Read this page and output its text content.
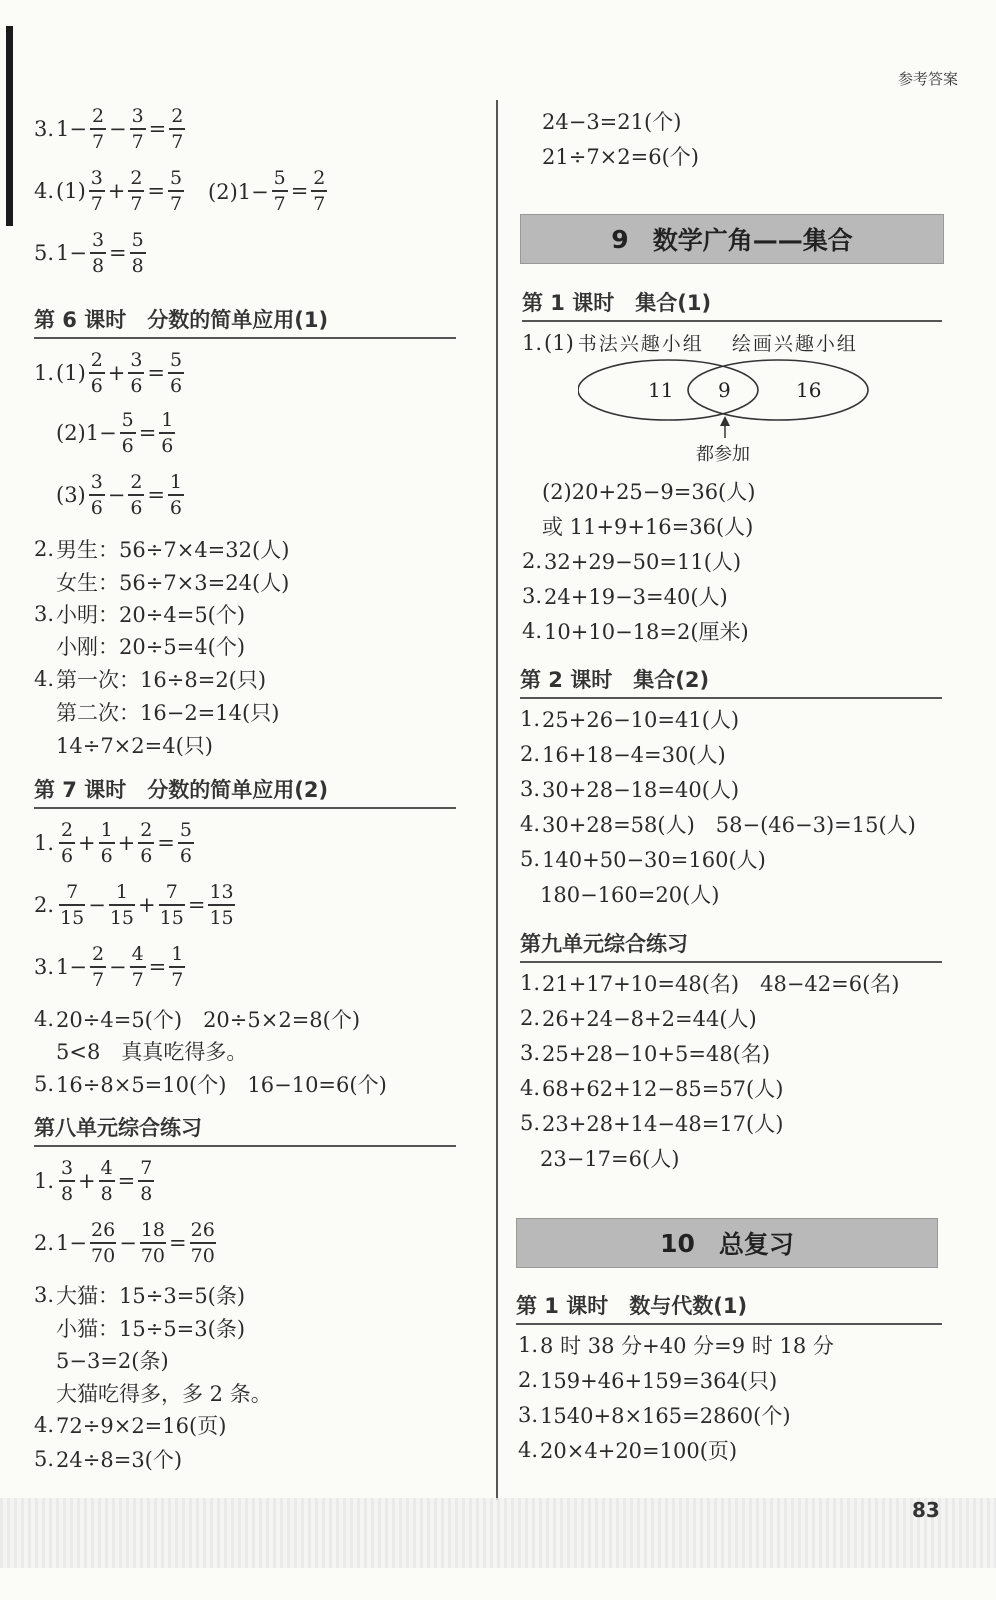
参考答案
3. $1- \frac{2}{7} - \frac{3}{7} = \frac{2}{7}$
4. $(1) \frac{3}{7} + \frac{2}{7} = \frac{5}{7}$ 　$(2)1- \frac{5}{7} = \frac{2}{7}$
5. $1- \frac{3}{8} = \frac{5}{8}$
第 6 课时　分数的简单应用(1)
1. $(1) \frac{2}{6} + \frac{3}{6} = \frac{5}{6}$
$(2)1- \frac{5}{6} = \frac{1}{6}$
$(3) \frac{3}{6} - \frac{2}{6} = \frac{1}{6}$
2. 男生：56÷7×4=32(人)
女生：56÷7×3=24(人)
3. 小明：20÷4=5(个)
小刚：20÷5=4(个)
4. 第一次：16÷8=2(只)
第二次：16−2=14(只)
14÷7×2=4(只)
第 7 课时　分数的简单应用(2)
1. $\frac{2}{6} + \frac{1}{6} + \frac{2}{6} = \frac{5}{6}$
2. $\frac{7}{15} - \frac{1}{15} + \frac{7}{15} = \frac{13}{15}$
3. $1- \frac{2}{7} - \frac{4}{7} = \frac{1}{7}$
4. 20÷4=5(个)　20÷5×2=8(个)
5<8　真真吃得多。
5. 16÷8×5=10(个)　16−10=6(个)
第八单元综合练习
1. $\frac{3}{8} + \frac{4}{8} = \frac{7}{8}$
2. $1- \frac{26}{70} - \frac{18}{70} = \frac{26}{70}$
3. 大猫：15÷3=5(条)
小猫：15÷5=3(条)
5−3=2(条)
大猫吃得多，多 2 条。
4. 72÷9×2=16(页)
5. 24÷8=3(个)
24−3=21(个)
21÷7×2=6(个)
9 数学广角——集合
第 1 课时　集合(1)
1. (1) 书法兴趣小组 绘画兴趣小组
11 9	16
都参加
(2)20+25−9=36(人)
或 11+9+16=36(人)
2. 32+29−50=11(人)
3. 24+19−3=40(人)
4. 10+10−18=2(厘米)
第 2 课时　集合(2)
1. 25+26−10=41(人)
2. 16+18−4=30(人)
3. 30+28−18=40(人)
4. 30+28=58(人)　58−(46−3)=15(人)
5. 140+50−30=160(人)
180−160=20(人)
第九单元综合练习
1. 21+17+10=48(名)　48−42=6(名)
2. 26+24−8+2=44(人)
3. 25+28−10+5=48(名)
4. 68+62+12−85=57(人)
5. 23+28+14−48=17(人)
23−17=6(人)
10 总复习
第 1 课时　数与代数(1)
1. 8 时 38 分+40 分=9 时 18 分
2. 159+46+159=364(只)
3. 1540+8×165=2860(个)
4. 20×4+20=100(页)
83
